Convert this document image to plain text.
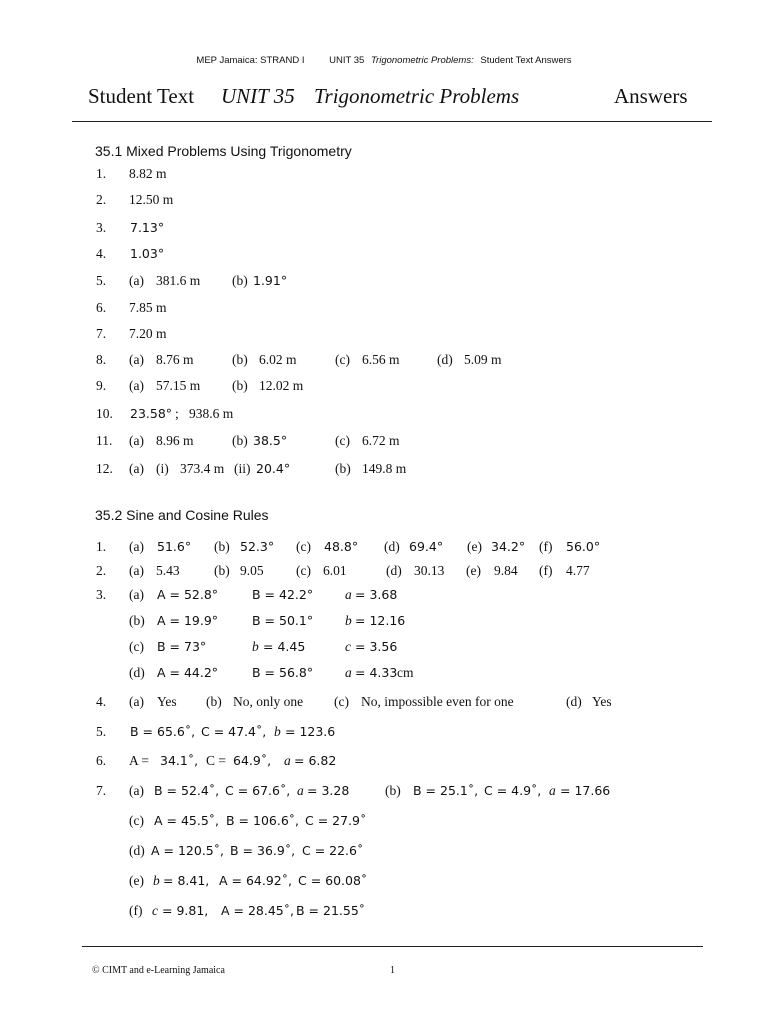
MEP Jamaica: STRAND I	UNIT 35 Trigonometric Problems: Student Text Answers
Student Text UNIT 35 Trigonometric Problems	Answers
35.1 Mixed Problems Using Trigonometry
1. 8.82 m
2. 12.50 m
3. 7.13°
4. 1.03°
5. (a) 381.6 m (b) 1.91°
6. 7.85 m
7. 7.20 m
8. (a) 8.76 m	(b) 6.02 m	(c) 6.56 m	(d) 5.09 m
9. (a) 57.15 m (b) 12.02 m
10. 23.58° ; 938.6 m
11. (a) 8.96 m	(b) 38.5°	(c) 6.72 m
12. (a) (i) 373.4 m (ii) 20.4°	(b) 149.8 m
35.2 Sine and Cosine Rules
1. (a) 51.6° (b) 52.3° (c) 48.8° (d) 69.4° (e) 34.2° (f) 56.0°
2. (a) 5.43	(b) 9.05 (c) 6.01	(d) 30.13 (e) 9.84 (f) 4.77
3. (a) A = 52.8°	B = 42.2° a = 3.68
(b) A = 19.9°	B = 50.1° b = 12.16
(c) B = 73°	b = 4.45	c = 3.56
(d) A = 44.2°	B = 56.8° a = 4.33 cm
4. (a) Yes (b) No, only one (c) No, impossible even for one	(d) Yes
5. B = 65.6˚, C = 47.4˚, b = 123.6
6. A = 34.1˚, C = 64.9˚, a = 6.82
7. (a) B = 52.4˚, C = 67.6˚, a = 3.28	(b) B = 25.1˚, C = 4.9˚, a = 17.66
(c) A = 45.5˚, B = 106.6˚, C = 27.9˚
(d) A = 120.5˚, B = 36.9˚, C = 22.6˚
(e) b = 8.41, A = 64.92˚, C = 60.08˚
(f) c = 9.81, A = 28.45˚, B = 21.55˚
© CIMT and e-Learning Jamaica	1
